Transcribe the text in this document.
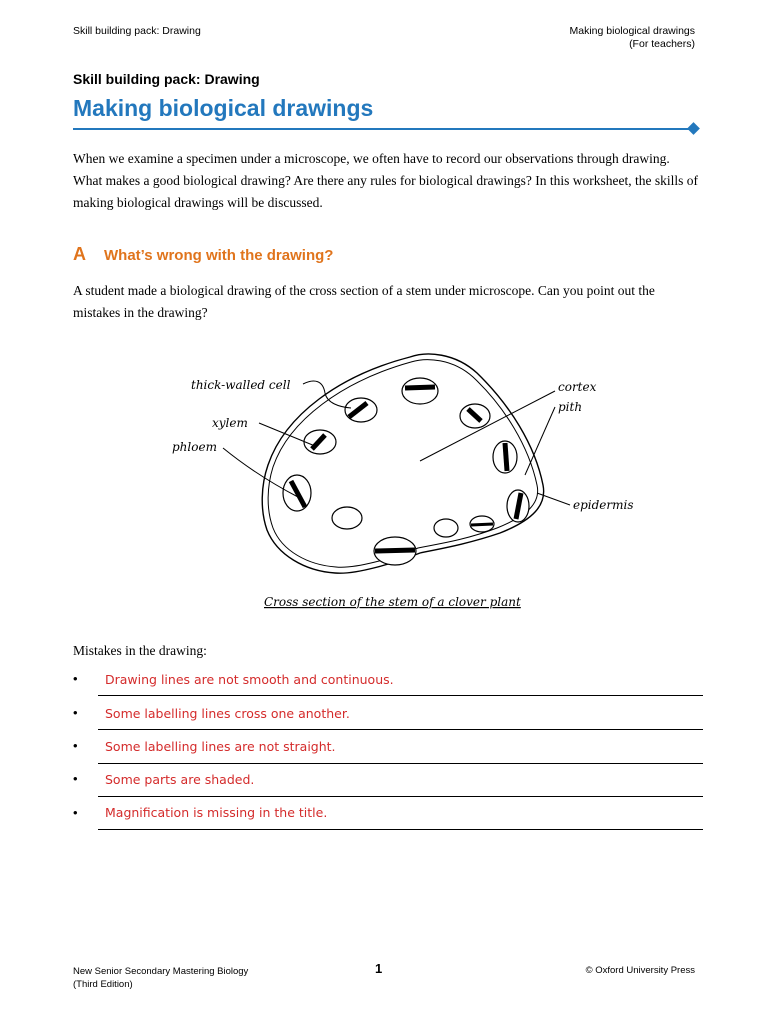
Skill building pack: Drawing	Making biological drawings
(For teachers)
Skill building pack: Drawing
Making biological drawings
When we examine a specimen under a microscope, we often have to record our observations through drawing. What makes a good biological drawing? Are there any rules for biological drawings? In this worksheet, the skills of making biological drawings will be discussed.
A What’s wrong with the drawing?
A student made a biological drawing of the cross section of a stem under microscope. Can you point out the mistakes in the drawing?
thick-walled cell
xylem
phloem
cortex
pith
epidermis
Cross section of the stem of a clover plant
Mistakes in the drawing:
• Drawing lines are not smooth and continuous.
• Some labelling lines cross one another.
• Some labelling lines are not straight.
• Some parts are shaded.
• Magnification is missing in the title.
New Senior Secondary Mastering Biology
(Third Edition)
1	© Oxford University Press
